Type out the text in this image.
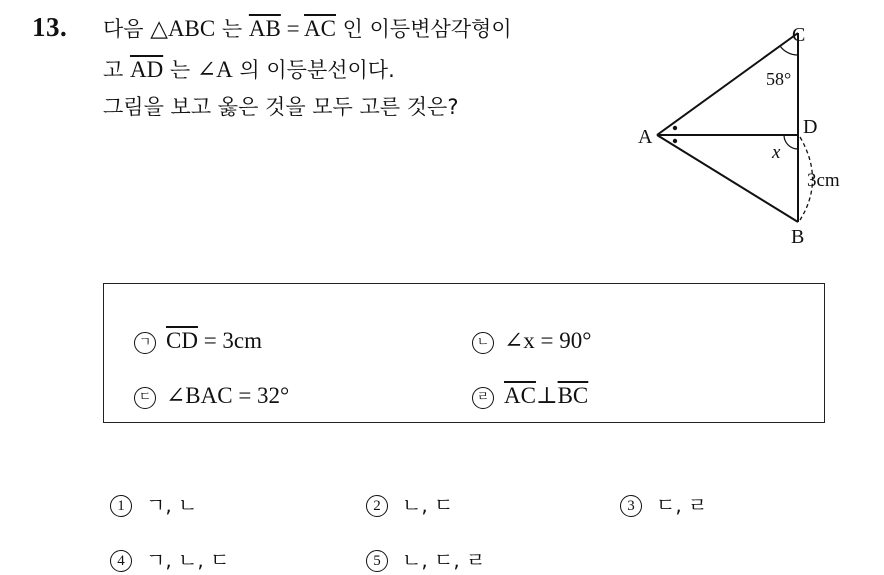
13. 다음 △ABC 는 $\overline{AB} = \overline{AC}$ 인 이등변삼각형이
고 $\overline{AD}$ 는 ∠A 의 이등분선이다.
그림을 보고 옳은 것을 모두 고른 것은?
C
A	D
B
58°
x
3cm
ㄱ $\overline{CD} = 3cm$	ㄴ ∠x = 90°
ㄷ ∠BAC = 32°	ㄹ $\overline{AC}\perp\overline{BC}$
1 ㄱ, ㄴ	2 ㄴ, ㄷ	3 ㄷ, ㄹ
4 ㄱ, ㄴ, ㄷ	5 ㄴ, ㄷ, ㄹ
